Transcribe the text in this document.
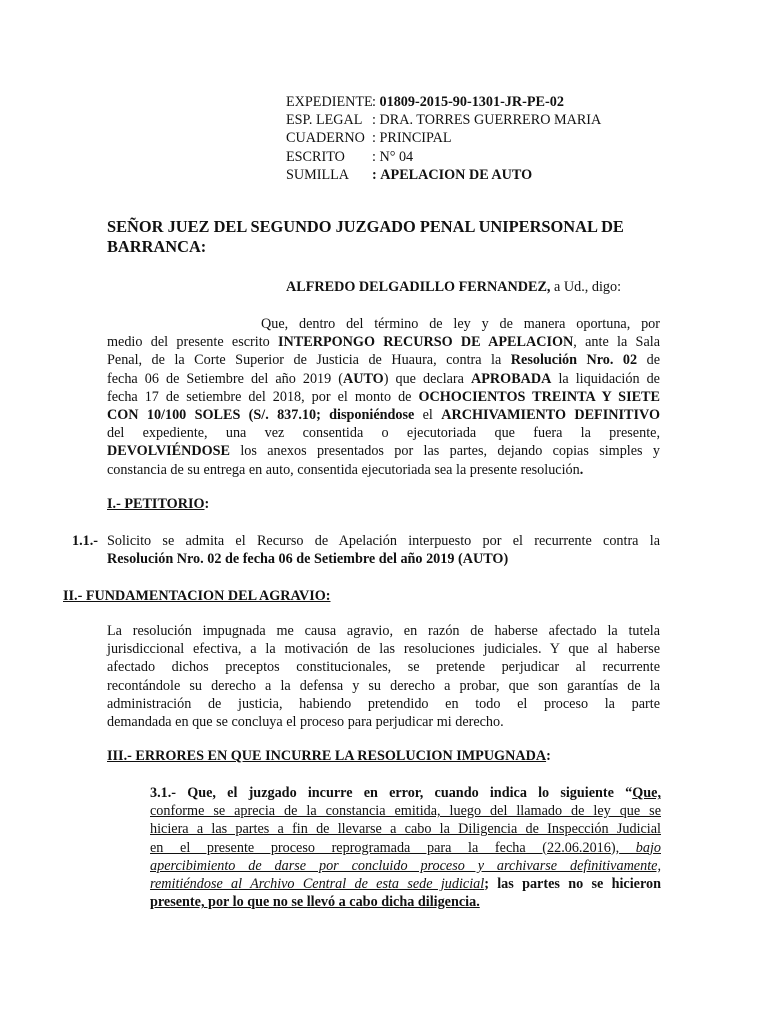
EXPEDIENTE :
01809-2015-90-1301-JR-PE-02
ESP. LEGAL :
DRA. TORRES GUERRERO MARIA
CUADERNO :
PRINCIPAL
ESCRITO	:
N° 04
SUMILLA	:
APELACION DE AUTO
SEÑOR JUEZ DEL SEGUNDO JUZGADO PENAL UNIPERSONAL DE
BARRANCA:
ALFREDO DELGADILLO FERNANDEZ, a Ud., digo:
Que, dentro del término de ley y de manera oportuna, por
medio del presente escrito INTERPONGO RECURSO DE APELACION, ante la Sala
Penal, de la Corte Superior de Justicia de Huaura, contra la Resolución Nro. 02 de
fecha 06 de Setiembre del año 2019 (AUTO) que declara APROBADA la liquidación de
fecha 17 de setiembre del 2018, por el monto de OCHOCIENTOS TREINTA Y SIETE
CON 10/100 SOLES (S/. 837.10; disponiéndose el ARCHIVAMIENTO DEFINITIVO
del expediente, una vez consentida o ejecutoriada que fuera la presente,
DEVOLVIÉNDOSE los anexos presentados por las partes, dejando copias simples y
constancia de su entrega en auto, consentida ejecutoriada sea la presente resolución.
I.- PETITORIO:
1.1.- Solicito se admita el Recurso de Apelación interpuesto por el recurrente contra la
Resolución Nro. 02 de fecha 06 de Setiembre del año 2019 (AUTO)
II.- FUNDAMENTACION DEL AGRAVIO:
La resolución impugnada me causa agravio, en razón de haberse afectado la tutela
jurisdiccional efectiva, a la motivación de las resoluciones judiciales. Y que al haberse
afectado dichos preceptos constitucionales, se pretende perjudicar al recurrente
recontándole su derecho a la defensa y su derecho a probar, que son garantías de la
administración de justicia, habiendo pretendido en todo el proceso la parte
demandada en que se concluya el proceso para perjudicar mi derecho.
III.- ERRORES EN QUE INCURRE LA RESOLUCION IMPUGNADA:
3.1.- Que, el juzgado incurre en error, cuando indica lo siguiente “Que,
conforme se aprecia de la constancia emitida, luego del llamado de ley que se
hiciera a las partes a fin de llevarse a cabo la Diligencia de Inspección Judicial
en el presente proceso reprogramada para la fecha (22.06.2016), bajo
apercibimiento de darse por concluido proceso y archivarse definitivamente,
remitiéndose al Archivo Central de esta sede judicial; las partes no se hicieron
presente, por lo que no se llevó a cabo dicha diligencia.
